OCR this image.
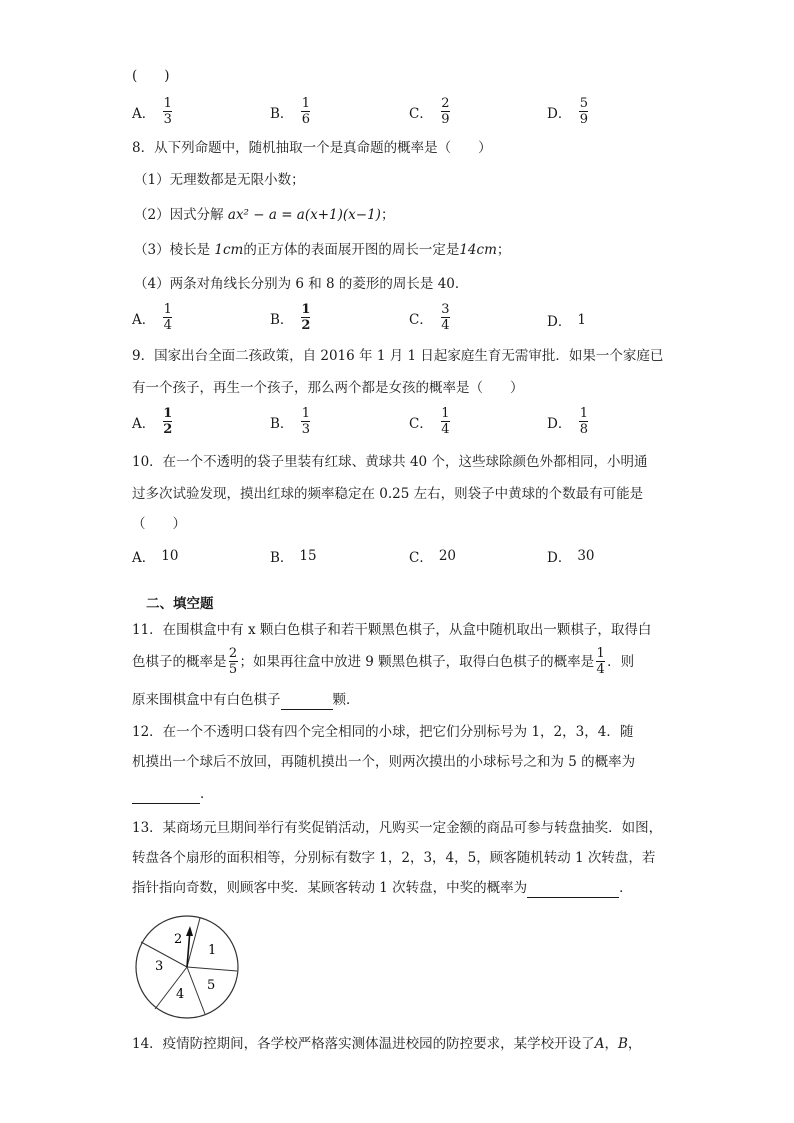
(　　)
A． $\frac{1}{3}$	B． $\frac{1}{6}$	C． $\frac{2}{9}$	D． $\frac{5}{9}$
8．从下列命题中，随机抽取一个是真命题的概率是（　　）
（1）无理数都是无限小数；
（2）因式分解 ax² − a = a(x+1)(x−1)；
（3）棱长是 1cm的正方体的表面展开图的周长一定是14cm；
（4）两条对角线长分别为 6 和 8 的菱形的周长是 40．
A． $\frac{1}{4}$	B． $\frac{1}{2}$	C． $\frac{3}{4}$	D． 1
9．国家出台全面二孩政策，自 2016 年 1 月 1 日起家庭生育无需审批．如果一个家庭已
有一个孩子，再生一个孩子，那么两个都是女孩的概率是（　　）
A． $\frac{1}{2}$	B． $\frac{1}{3}$	C． $\frac{1}{4}$	D． $\frac{1}{8}$
10．在一个不透明的袋子里装有红球、黄球共 40 个，这些球除颜色外都相同，小明通
过多次试验发现，摸出红球的频率稳定在 0.25 左右，则袋子中黄球的个数最有可能是
（　　）
A． 10	B． 15	C． 20	D． 30
二、填空题
11．在围棋盒中有 x 颗白色棋子和若干颗黑色棋子，从盒中随机取出一颗棋子，取得白
色棋子的概率是 $\frac{2}{5}$ ；如果再往盒中放进 9 颗黑色棋子，取得白色棋子的概率是 $\frac{1}{4}$ ．则
原来围棋盒中有白色棋子	颗．
12．在一个不透明口袋有四个完全相同的小球，把它们分别标号为 1，2，3，4．随
机摸出一个球后不放回，再随机摸出一个，则两次摸出的小球标号之和为 5 的概率为
．
13．某商场元旦期间举行有奖促销活动，凡购买一定金额的商品可参与转盘抽奖．如图，
转盘各个扇形的面积相等，分别标有数字 1，2，3，4，5，顾客随机转动 1 次转盘，若
指针指向奇数，则顾客中奖．某顾客转动 1 次转盘，中奖的概率为	．
1
2
3
4
5
14．疫情防控期间，各学校严格落实测体温进校园的防控要求，某学校开设了A，B，
